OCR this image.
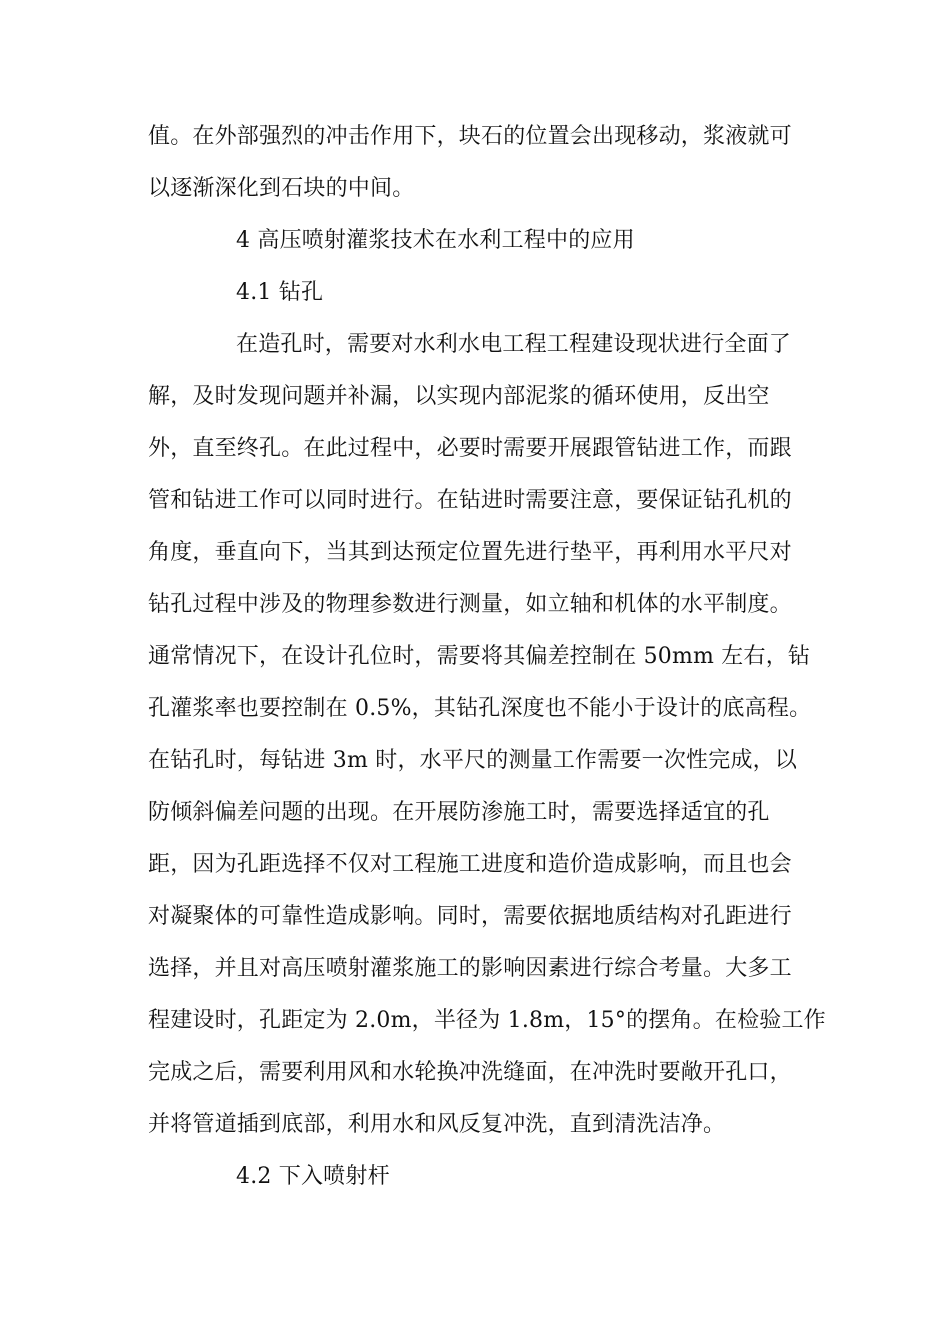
值。在外部强烈的冲击作用下，块石的位置会出现移动，浆液就可
以逐渐深化到石块的中间。
4 高压喷射灌浆技术在水利工程中的应用
4.1 钻孔
在造孔时，需要对水利水电工程工程建设现状进行全面了
解，及时发现问题并补漏，以实现内部泥浆的循环使用，反出空
外，直至终孔。在此过程中，必要时需要开展跟管钻进工作，而跟
管和钻进工作可以同时进行。在钻进时需要注意，要保证钻孔机的
角度，垂直向下，当其到达预定位置先进行垫平，再利用水平尺对
钻孔过程中涉及的物理参数进行测量，如立轴和机体的水平制度。
通常情况下，在设计孔位时，需要将其偏差控制在 50mm 左右，钻
孔灌浆率也要控制在 0.5%，其钻孔深度也不能小于设计的底高程。
在钻孔时，每钻进 3m 时，水平尺的测量工作需要一次性完成，以
防倾斜偏差问题的出现。在开展防渗施工时，需要选择适宜的孔
距，因为孔距选择不仅对工程施工进度和造价造成影响，而且也会
对凝聚体的可靠性造成影响。同时，需要依据地质结构对孔距进行
选择，并且对高压喷射灌浆施工的影响因素进行综合考量。大多工
程建设时，孔距定为 2.0m，半径为 1.8m，15°的摆角。在检验工作
完成之后，需要利用风和水轮换冲洗缝面，在冲洗时要敞开孔口，
并将管道插到底部，利用水和风反复冲洗，直到清洗洁净。
4.2 下入喷射杆
